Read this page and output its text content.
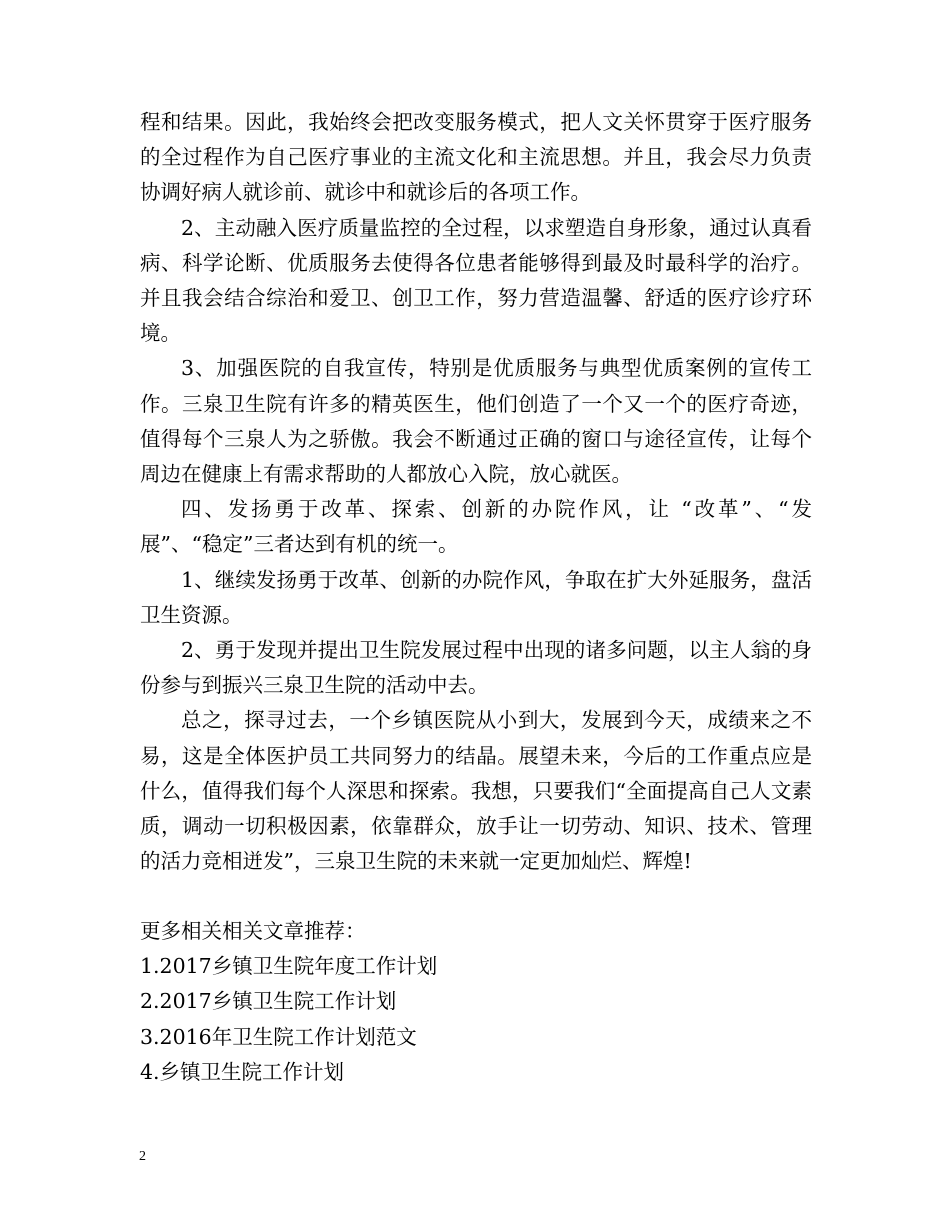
程和结果。因此，我始终会把改变服务模式，把人文关怀贯穿于医疗服务的全过程作为自己医疗事业的主流文化和主流思想。并且，我会尽力负责协调好病人就诊前、就诊中和就诊后的各项工作。

2、主动融入医疗质量监控的全过程，以求塑造自身形象，通过认真看病、科学论断、优质服务去使得各位患者能够得到最及时最科学的治疗。并且我会结合综治和爱卫、创卫工作，努力营造温馨、舒适的医疗诊疗环境。

3、加强医院的自我宣传，特别是优质服务与典型优质案例的宣传工作。三泉卫生院有许多的精英医生，他们创造了一个又一个的医疗奇迹，值得每个三泉人为之骄傲。我会不断通过正确的窗口与途径宣传，让每个周边在健康上有需求帮助的人都放心入院，放心就医。

四、发扬勇于改革、探索、创新的办院作风，让 “改革”、“发展”、“稳定”三者达到有机的统一。

1、继续发扬勇于改革、创新的办院作风，争取在扩大外延服务，盘活卫生资源。

2、勇于发现并提出卫生院发展过程中出现的诸多问题，以主人翁的身份参与到振兴三泉卫生院的活动中去。

总之，探寻过去，一个乡镇医院从小到大，发展到今天，成绩来之不易，这是全体医护员工共同努力的结晶。展望未来，今后的工作重点应是什么，值得我们每个人深思和探索。我想，只要我们“全面提高自己人文素质，调动一切积极因素，依靠群众，放手让一切劳动、知识、技术、管理的活力竞相迸发”，三泉卫生院的未来就一定更加灿烂、辉煌!

更多相关相关文章推荐：

1.2017乡镇卫生院年度工作计划

2.2017乡镇卫生院工作计划

3.2016年卫生院工作计划范文

4.乡镇卫生院工作计划

2
